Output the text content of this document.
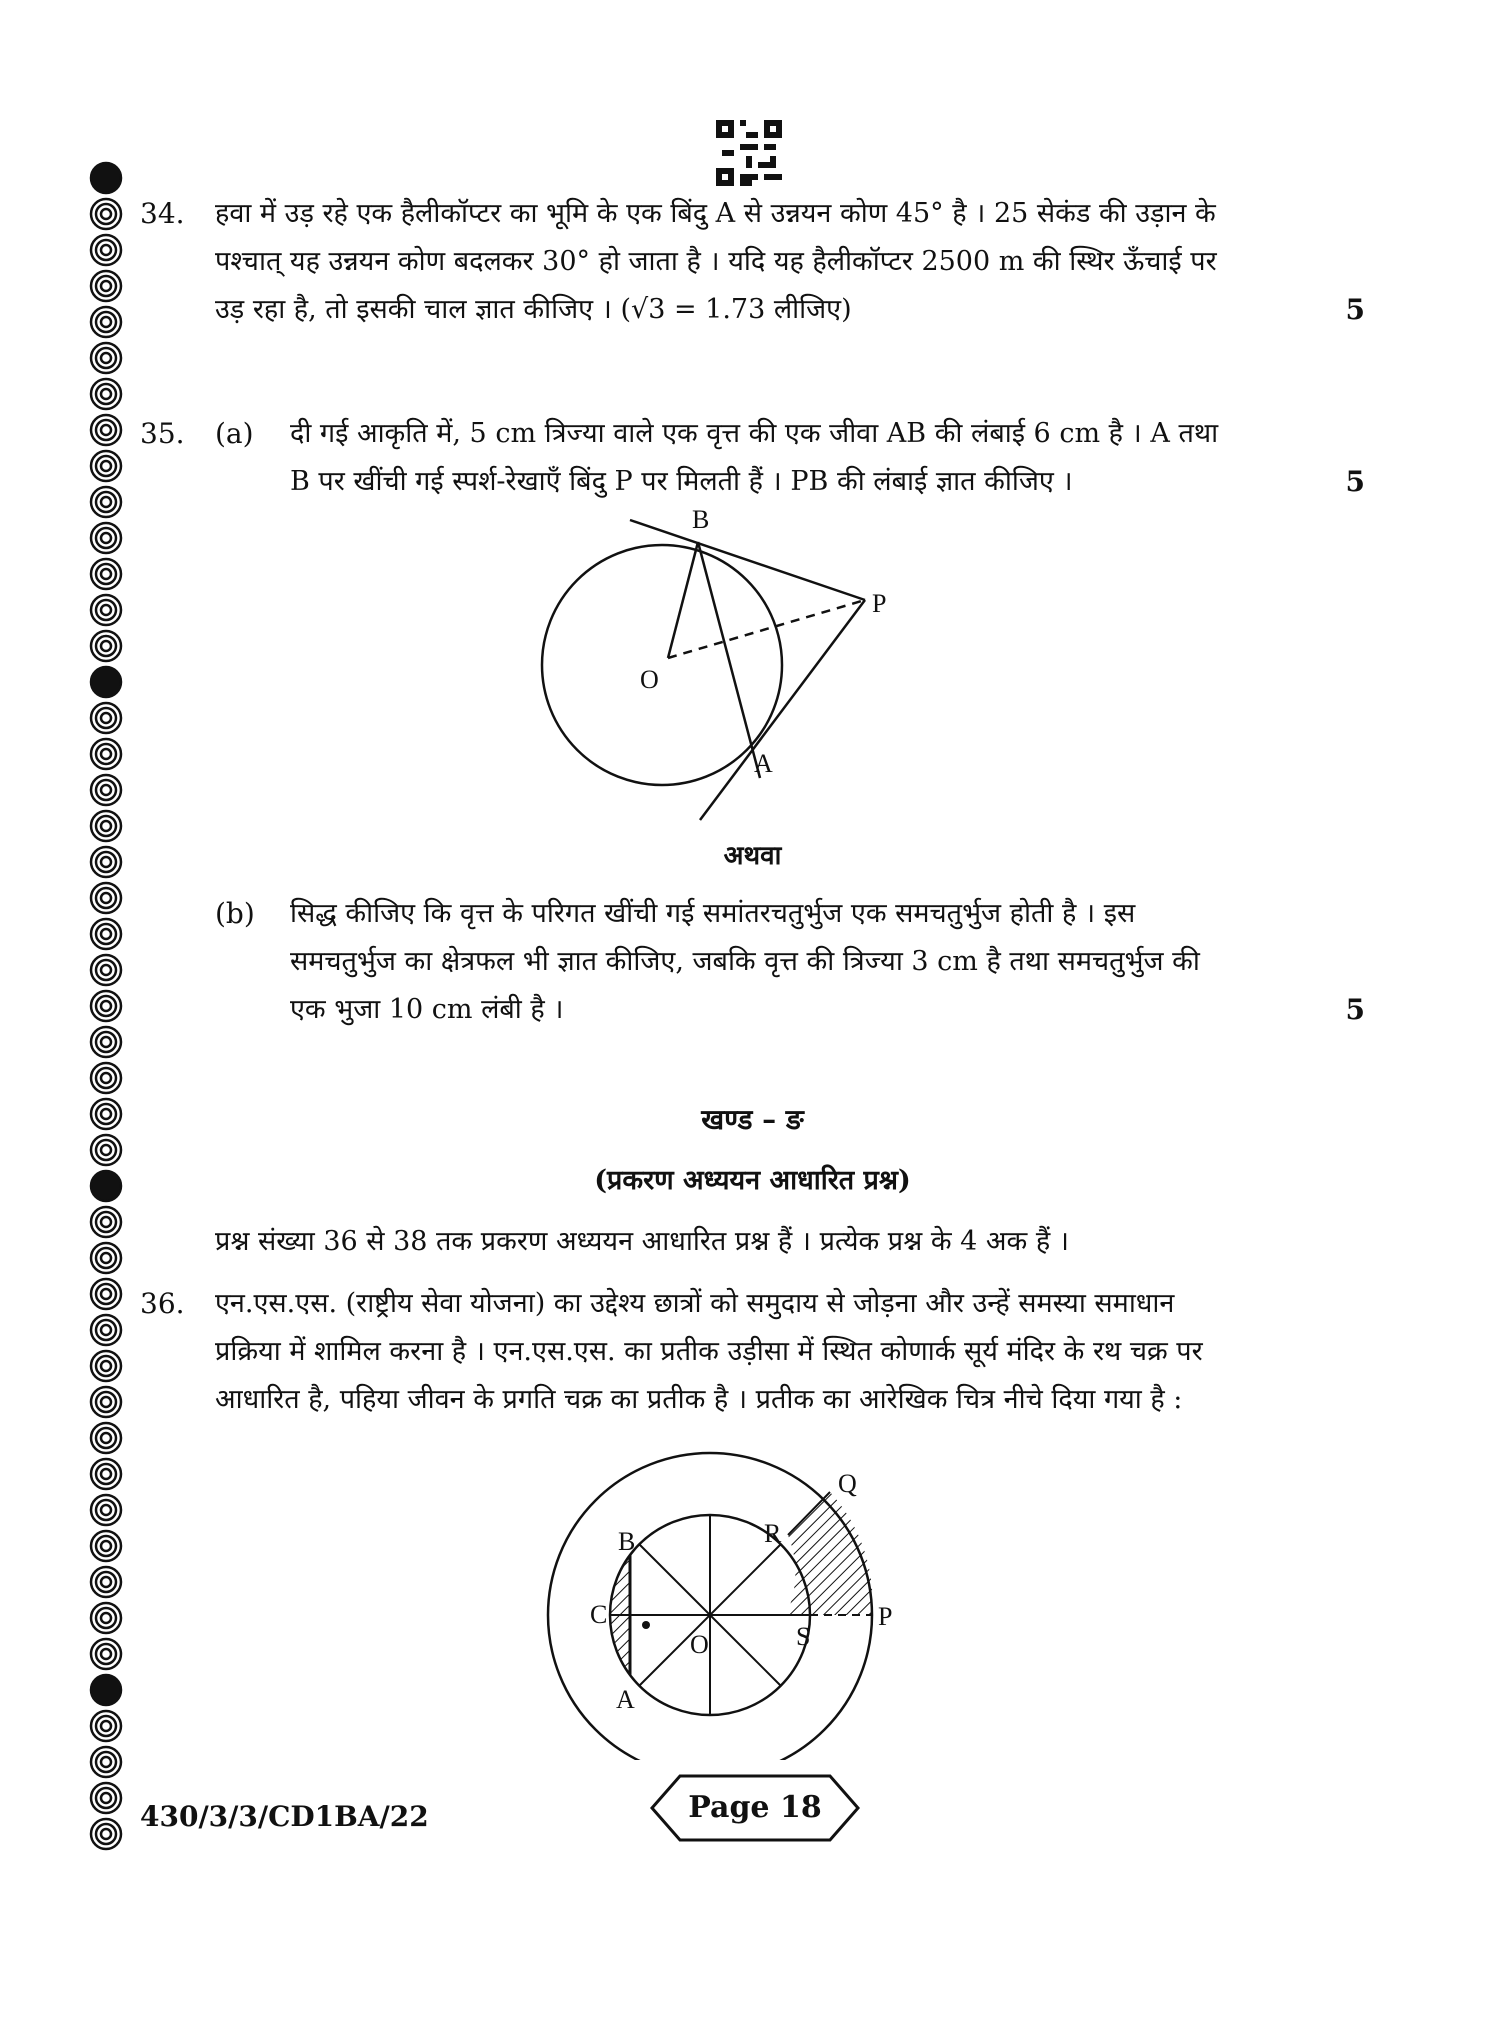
34. हवा में उड़ रहे एक हैलीकॉप्टर का भूमि के एक बिंदु A से उन्नयन कोण 45° है । 25 सेकंड की उड़ान के
पश्चात् यह उन्नयन कोण बदलकर 30° हो जाता है । यदि यह हैलीकॉप्टर 2500 m की स्थिर ऊँचाई पर
उड़ रहा है, तो इसकी चाल ज्ञात कीजिए । (√3 = 1.73 लीजिए)	5
35. (a) दी गई आकृति में, 5 cm त्रिज्या वाले एक वृत्त की एक जीवा AB की लंबाई 6 cm है । A तथा
B पर खींची गई स्पर्श-रेखाएँ बिंदु P पर मिलती हैं । PB की लंबाई ज्ञात कीजिए ।	5
B
P
O
A
अथवा
(b) सिद्ध कीजिए कि वृत्त के परिगत खींची गई समांतरचतुर्भुज एक समचतुर्भुज होती है । इस
समचतुर्भुज का क्षेत्रफल भी ज्ञात कीजिए, जबकि वृत्त की त्रिज्या 3 cm है तथा समचतुर्भुज की
एक भुजा 10 cm लंबी है ।	5
खण्ड – ङ
(प्रकरण अध्ययन आधारित प्रश्न)
प्रश्न संख्या 36 से 38 तक प्रकरण अध्ययन आधारित प्रश्न हैं । प्रत्येक प्रश्न के 4 अक हैं ।
36. एन.एस.एस. (राष्ट्रीय सेवा योजना) का उद्देश्य छात्रों को समुदाय से जोड़ना और उन्हें समस्या समाधान
प्रक्रिया में शामिल करना है । एन.एस.एस. का प्रतीक उड़ीसा में स्थित कोणार्क सूर्य मंदिर के रथ चक्र पर
आधारित है, पहिया जीवन के प्रगति चक्र का प्रतीक है । प्रतीक का आरेखिक चित्र नीचे दिया गया है :
Q
R
B
C	P
S
O
A
430/3/3/CD1BA/22	Page 18
